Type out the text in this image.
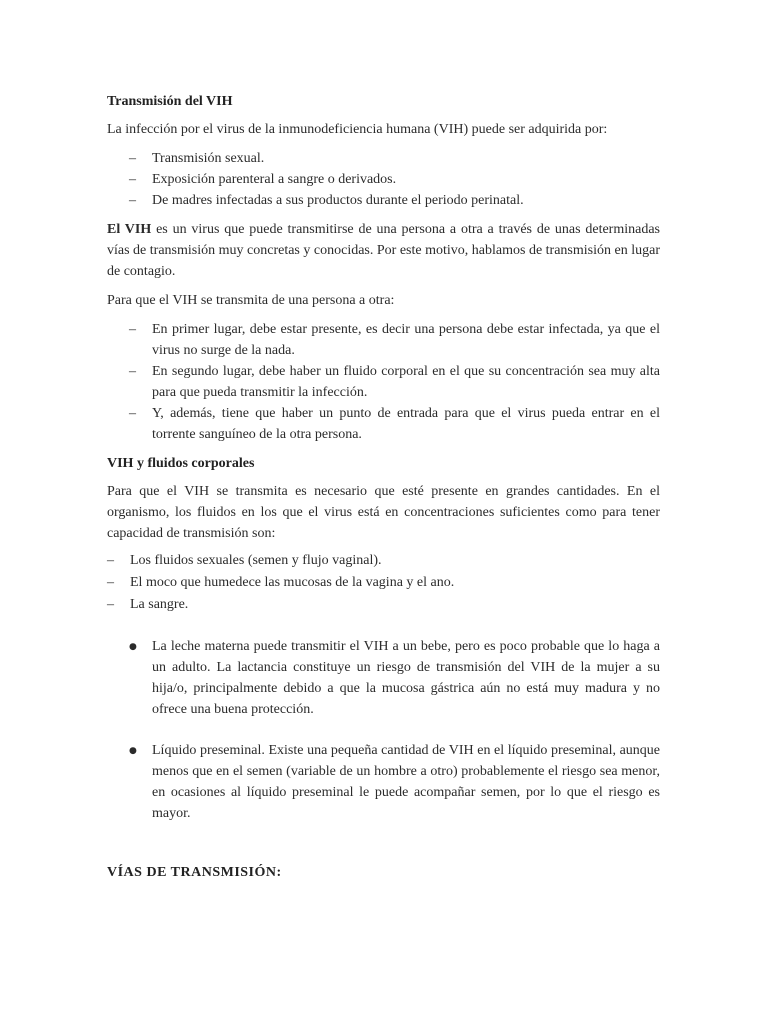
Transmisión del VIH

La infección por el virus de la inmunodeficiencia humana (VIH) puede ser adquirida por:

–	Transmisión sexual.
–	Exposición parenteral a sangre o derivados.
–	De madres infectadas a sus productos durante el periodo perinatal.

El VIH es un virus que puede transmitirse de una persona a otra a través de unas determinadas vías de transmisión muy concretas y conocidas. Por este motivo, hablamos de transmisión en lugar de contagio.

Para que el VIH se transmita de una persona a otra:

–	En primer lugar, debe estar presente, es decir una persona debe estar infectada, ya que el virus no surge de la nada.
–	En segundo lugar, debe haber un fluido corporal en el que su concentración sea muy alta para que pueda transmitir la infección.
–	Y, además, tiene que haber un punto de entrada para que el virus pueda entrar en el torrente sanguíneo de la otra persona.

VIH y fluidos corporales

Para que el VIH se transmita es necesario que esté presente en grandes cantidades. En el organismo, los fluidos en los que el virus está en concentraciones suficientes como para tener capacidad de transmisión son:

–	Los fluidos sexuales (semen y flujo vaginal).
–	El moco que humedece las mucosas de la vagina y el ano.
–	La sangre.
●	La leche materna puede transmitir el VIH a un bebe, pero es poco probable que lo haga a un adulto. La lactancia constituye un riesgo de transmisión del VIH de la mujer a su hija/o, principalmente debido a que la mucosa gástrica aún no está muy madura y no ofrece una buena protección.
●	Líquido preseminal. Existe una pequeña cantidad de VIH en el líquido preseminal, aunque menos que en el semen (variable de un hombre a otro) probablemente el riesgo sea menor, en ocasiones al líquido preseminal le puede acompañar semen, por lo que el riesgo es mayor.

VÍAS DE TRANSMISIÓN:
